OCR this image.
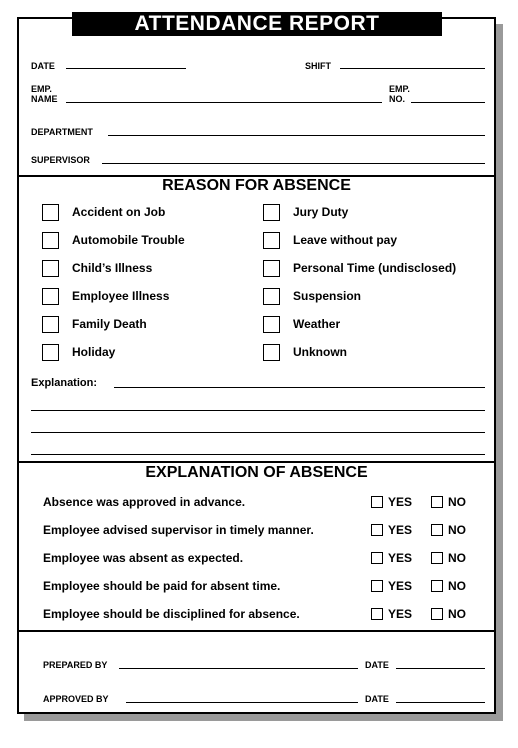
ATTENDANCE REPORT
DATE	SHIFT
EMP.
NAME
EMP.
NO.
DEPARTMENT
SUPERVISOR
REASON FOR ABSENCE
Accident on Job
Automobile Trouble
Child’s Illness
Employee Illness
Family Death
Holiday
Jury Duty
Leave without pay
Personal Time (undisclosed)
Suspension
Weather
Unknown
Explanation:
EXPLANATION OF ABSENCE
Absence was approved in advance.	YES	NO
Employee advised supervisor in timely manner.	YES	NO
Employee was absent as expected.	YES	NO
Employee should be paid for absent time.	YES	NO
Employee should be disciplined for absence.	YES	NO
PREPARED BY	DATE
APPROVED BY	DATE
